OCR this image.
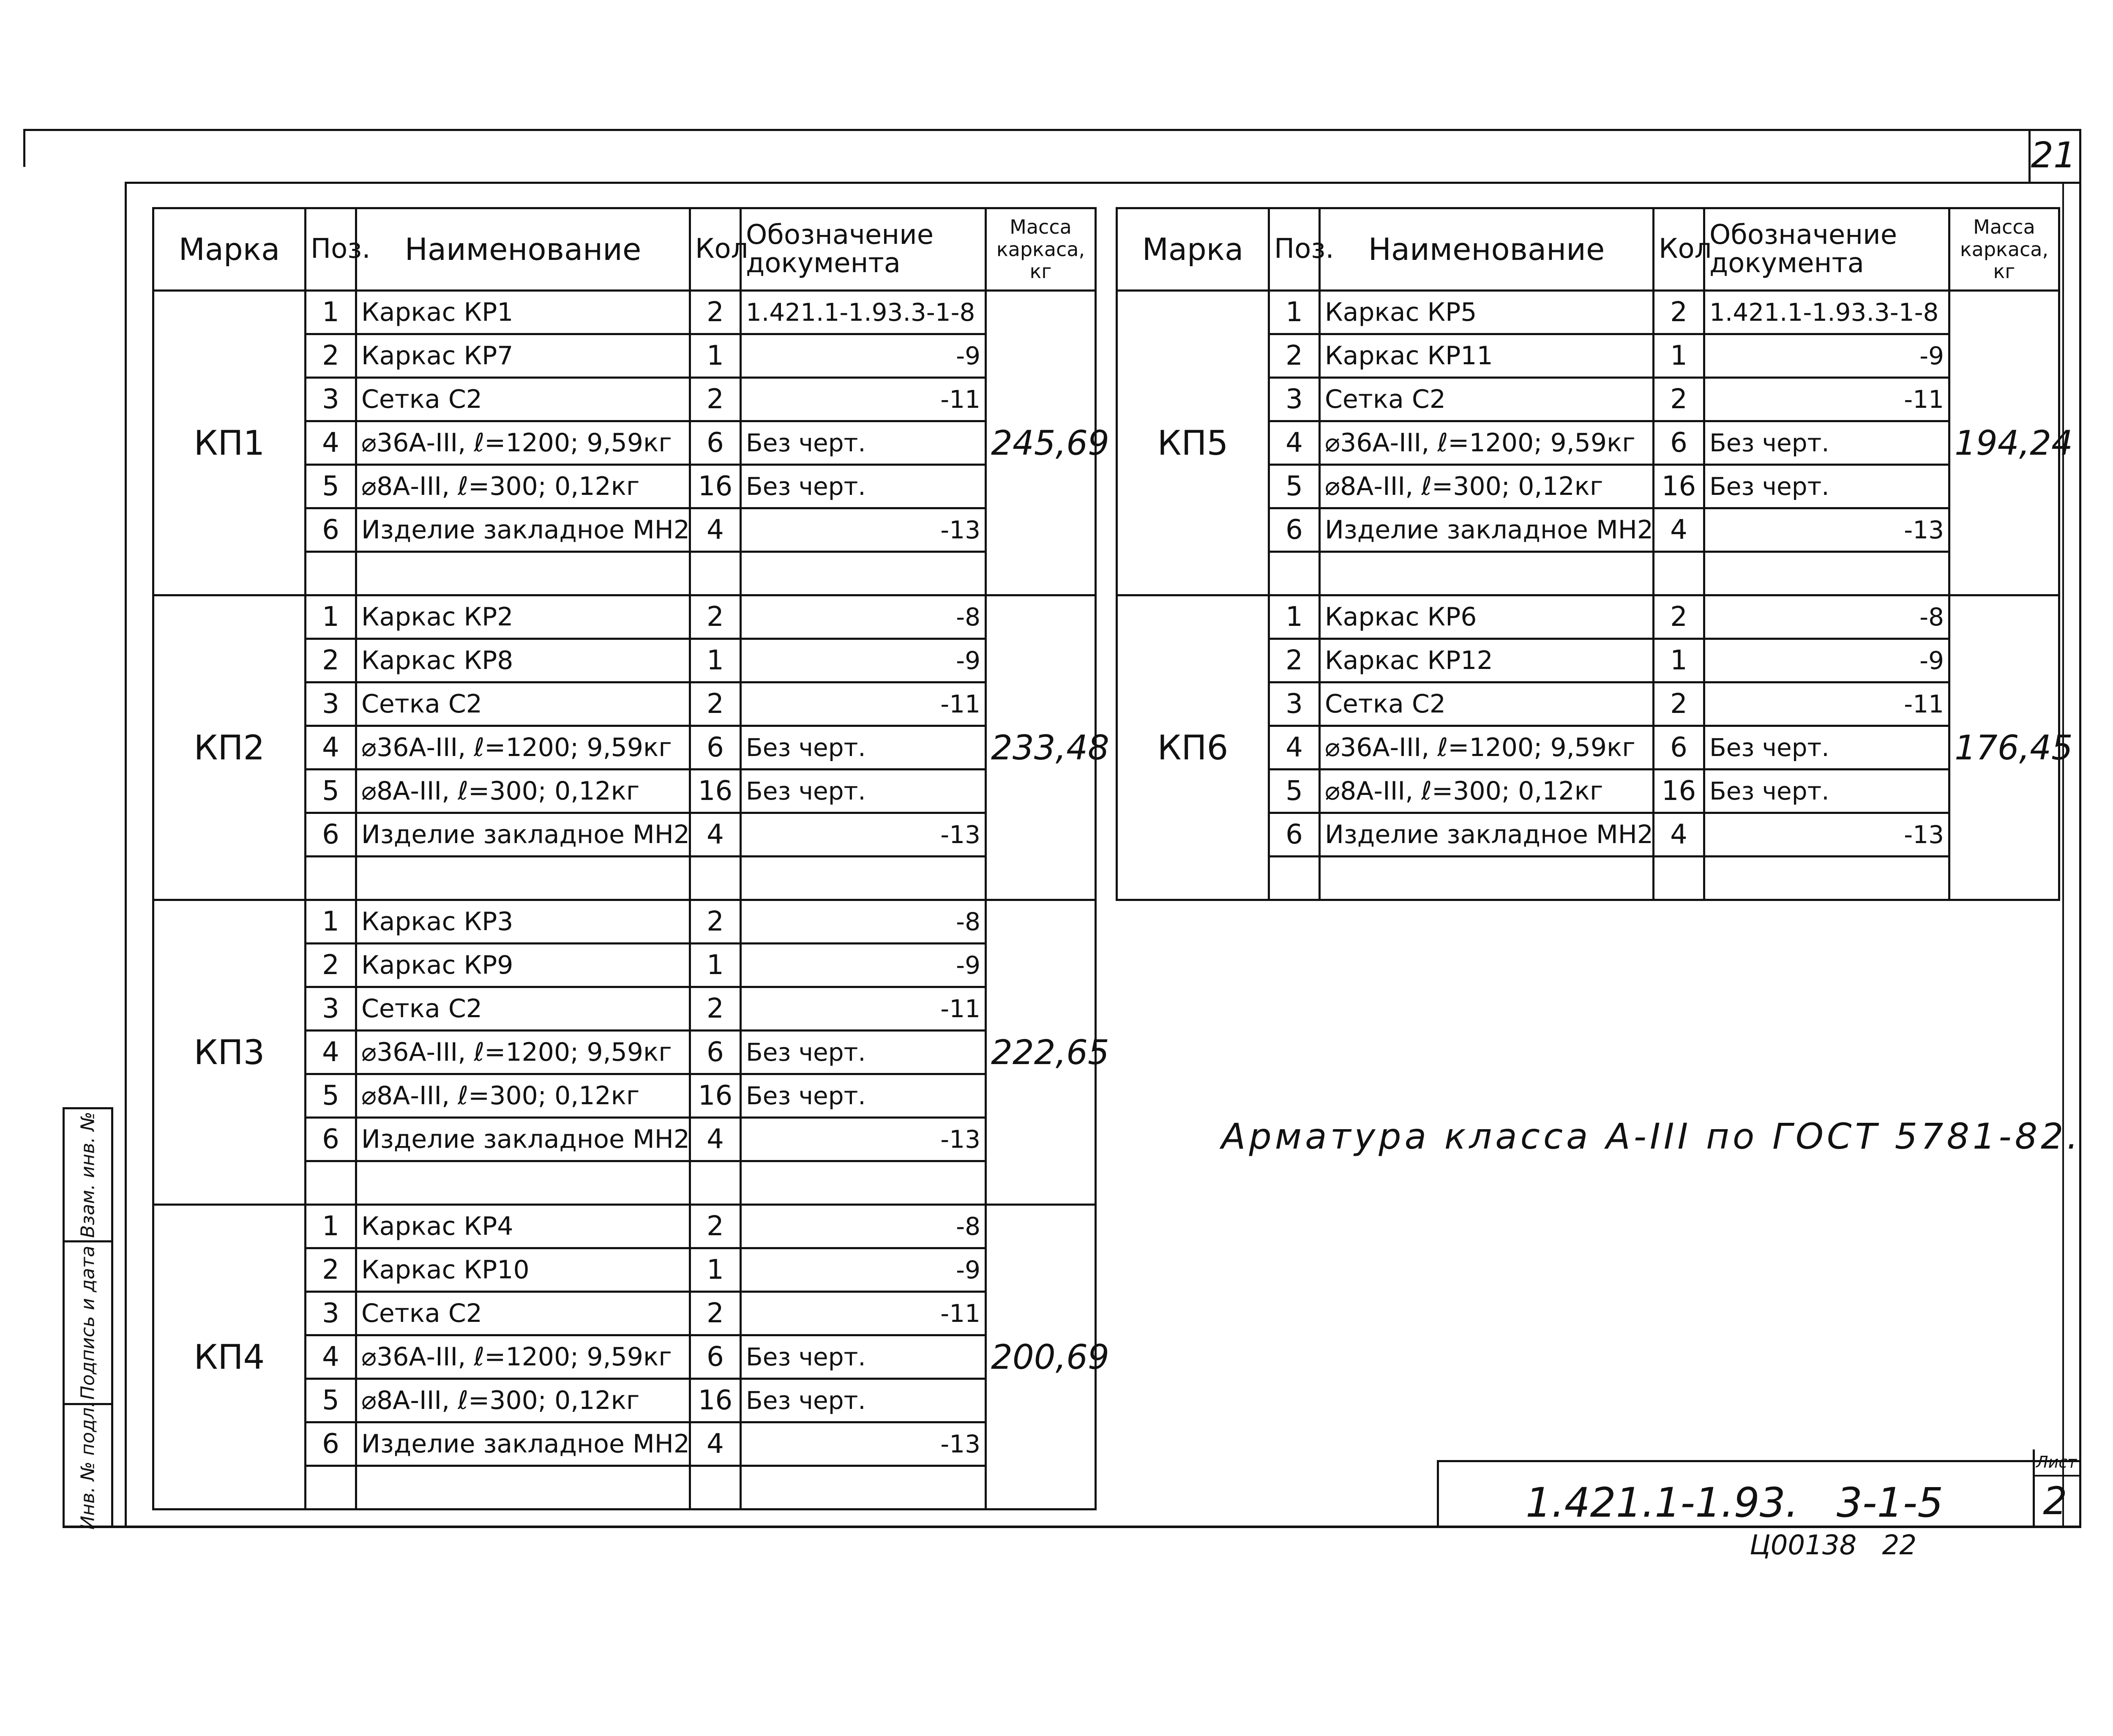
21
Взам. инв. №
Подпись и дата
Инв. № подл.
Марка	Поз.	Наименование	Кол	Обозначение документа	Масса каркаса, кг
КП1	1	Каркас КР1	2	1.421.1-1.93.3-1-8	245,69
	2	Каркас КР7	1	-9	
	3	Сетка С2	2	-11	
	4	⌀36А-III, ℓ=1200; 9,59кг	6	Без черт.	
	5	⌀8А-III, ℓ=300; 0,12кг	16	Без черт.	
	6	Изделие закладное МН2	4	-13	

КП2	1	Каркас КР2	2	-8	233,48
	2	Каркас КР8	1	-9	
	3	Сетка С2	2	-11	
	4	⌀36А-III, ℓ=1200; 9,59кг	6	Без черт.	
	5	⌀8А-III, ℓ=300; 0,12кг	16	Без черт.	
	6	Изделие закладное МН2	4	-13	

КП3	1	Каркас КР3	2	-8	222,65
	2	Каркас КР9	1	-9	
	3	Сетка С2	2	-11	
	4	⌀36А-III, ℓ=1200; 9,59кг	6	Без черт.	
	5	⌀8А-III, ℓ=300; 0,12кг	16	Без черт.	
	6	Изделие закладное МН2	4	-13	

КП4	1	Каркас КР4	2	-8	200,69
	2	Каркас КР10	1	-9	
	3	Сетка С2	2	-11	
	4	⌀36А-III, ℓ=1200; 9,59кг	6	Без черт.	
	5	⌀8А-III, ℓ=300; 0,12кг	16	Без черт.	
	6	Изделие закладное МН2	4	-13	

Марка	Поз.	Наименование	Кол	Обозначение документа	Масса каркаса, кг
КП5	1	Каркас КР5	2	1.421.1-1.93.3-1-8	194,24
	2	Каркас КР11	1	-9	
	3	Сетка С2	2	-11	
	4	⌀36А-III, ℓ=1200; 9,59кг	6	Без черт.	
	5	⌀8А-III, ℓ=300; 0,12кг	16	Без черт.	
	6	Изделие закладное МН2	4	-13	

КП6	1	Каркас КР6	2	-8	176,45
	2	Каркас КР12	1	-9	
	3	Сетка С2	2	-11	
	4	⌀36А-III, ℓ=1200; 9,59кг	6	Без черт.	
	5	⌀8А-III, ℓ=300; 0,12кг	16	Без черт.	
	6	Изделие закладное МН2	4	-13	

Арматура класса А-III по ГОСТ 5781-82.
1.421.1-1.93. 3-1-5
Лист
2
Ц00138 22
